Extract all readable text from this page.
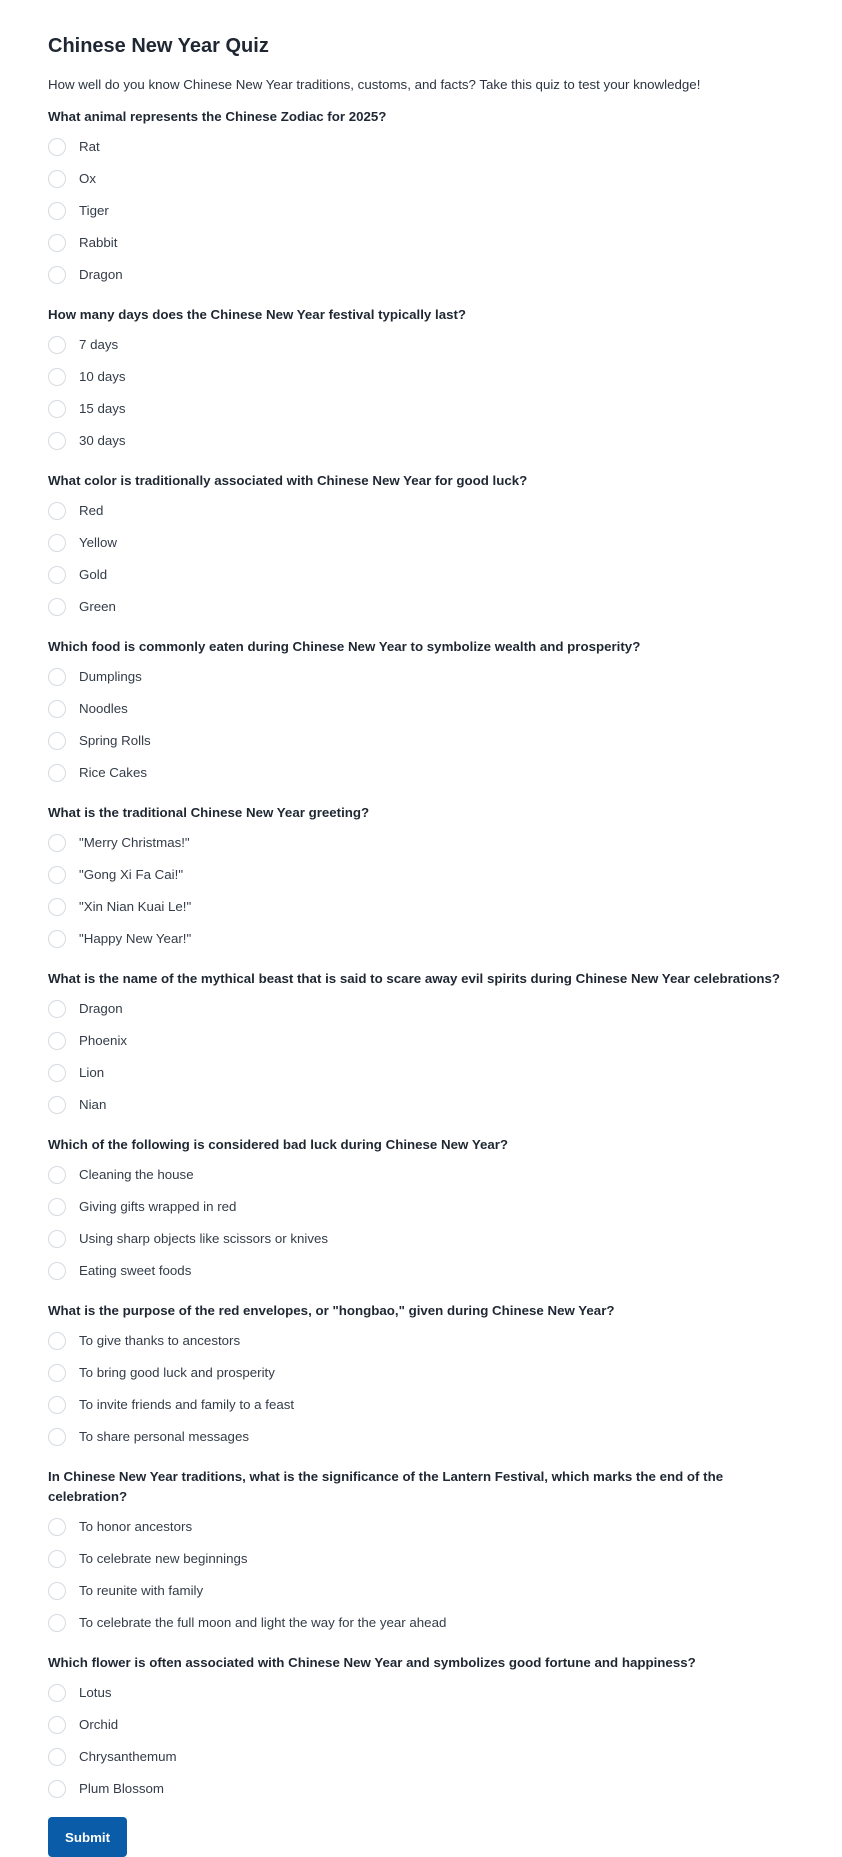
Chinese New Year Quiz

How well do you know Chinese New Year traditions, customs, and facts? Take this quiz to test your knowledge!

What animal represents the Chinese Zodiac for 2025?
Rat
Ox
Tiger
Rabbit
Dragon
How many days does the Chinese New Year festival typically last?
7 days
10 days
15 days
30 days
What color is traditionally associated with Chinese New Year for good luck?
Red
Yellow
Gold
Green
Which food is commonly eaten during Chinese New Year to symbolize wealth and prosperity?
Dumplings
Noodles
Spring Rolls
Rice Cakes
What is the traditional Chinese New Year greeting?
"Merry Christmas!"
"Gong Xi Fa Cai!"
"Xin Nian Kuai Le!"
"Happy New Year!"
What is the name of the mythical beast that is said to scare away evil spirits during Chinese New Year celebrations?
Dragon
Phoenix
Lion
Nian
Which of the following is considered bad luck during Chinese New Year?
Cleaning the house
Giving gifts wrapped in red
Using sharp objects like scissors or knives
Eating sweet foods
What is the purpose of the red envelopes, or "hongbao," given during Chinese New Year?
To give thanks to ancestors
To bring good luck and prosperity
To invite friends and family to a feast
To share personal messages
In Chinese New Year traditions, what is the significance of the Lantern Festival, which marks the end of the celebration?
To honor ancestors
To celebrate new beginnings
To reunite with family
To celebrate the full moon and light the way for the year ahead
Which flower is often associated with Chinese New Year and symbolizes good fortune and happiness?
Lotus
Orchid
Chrysanthemum
Plum Blossom
Submit
